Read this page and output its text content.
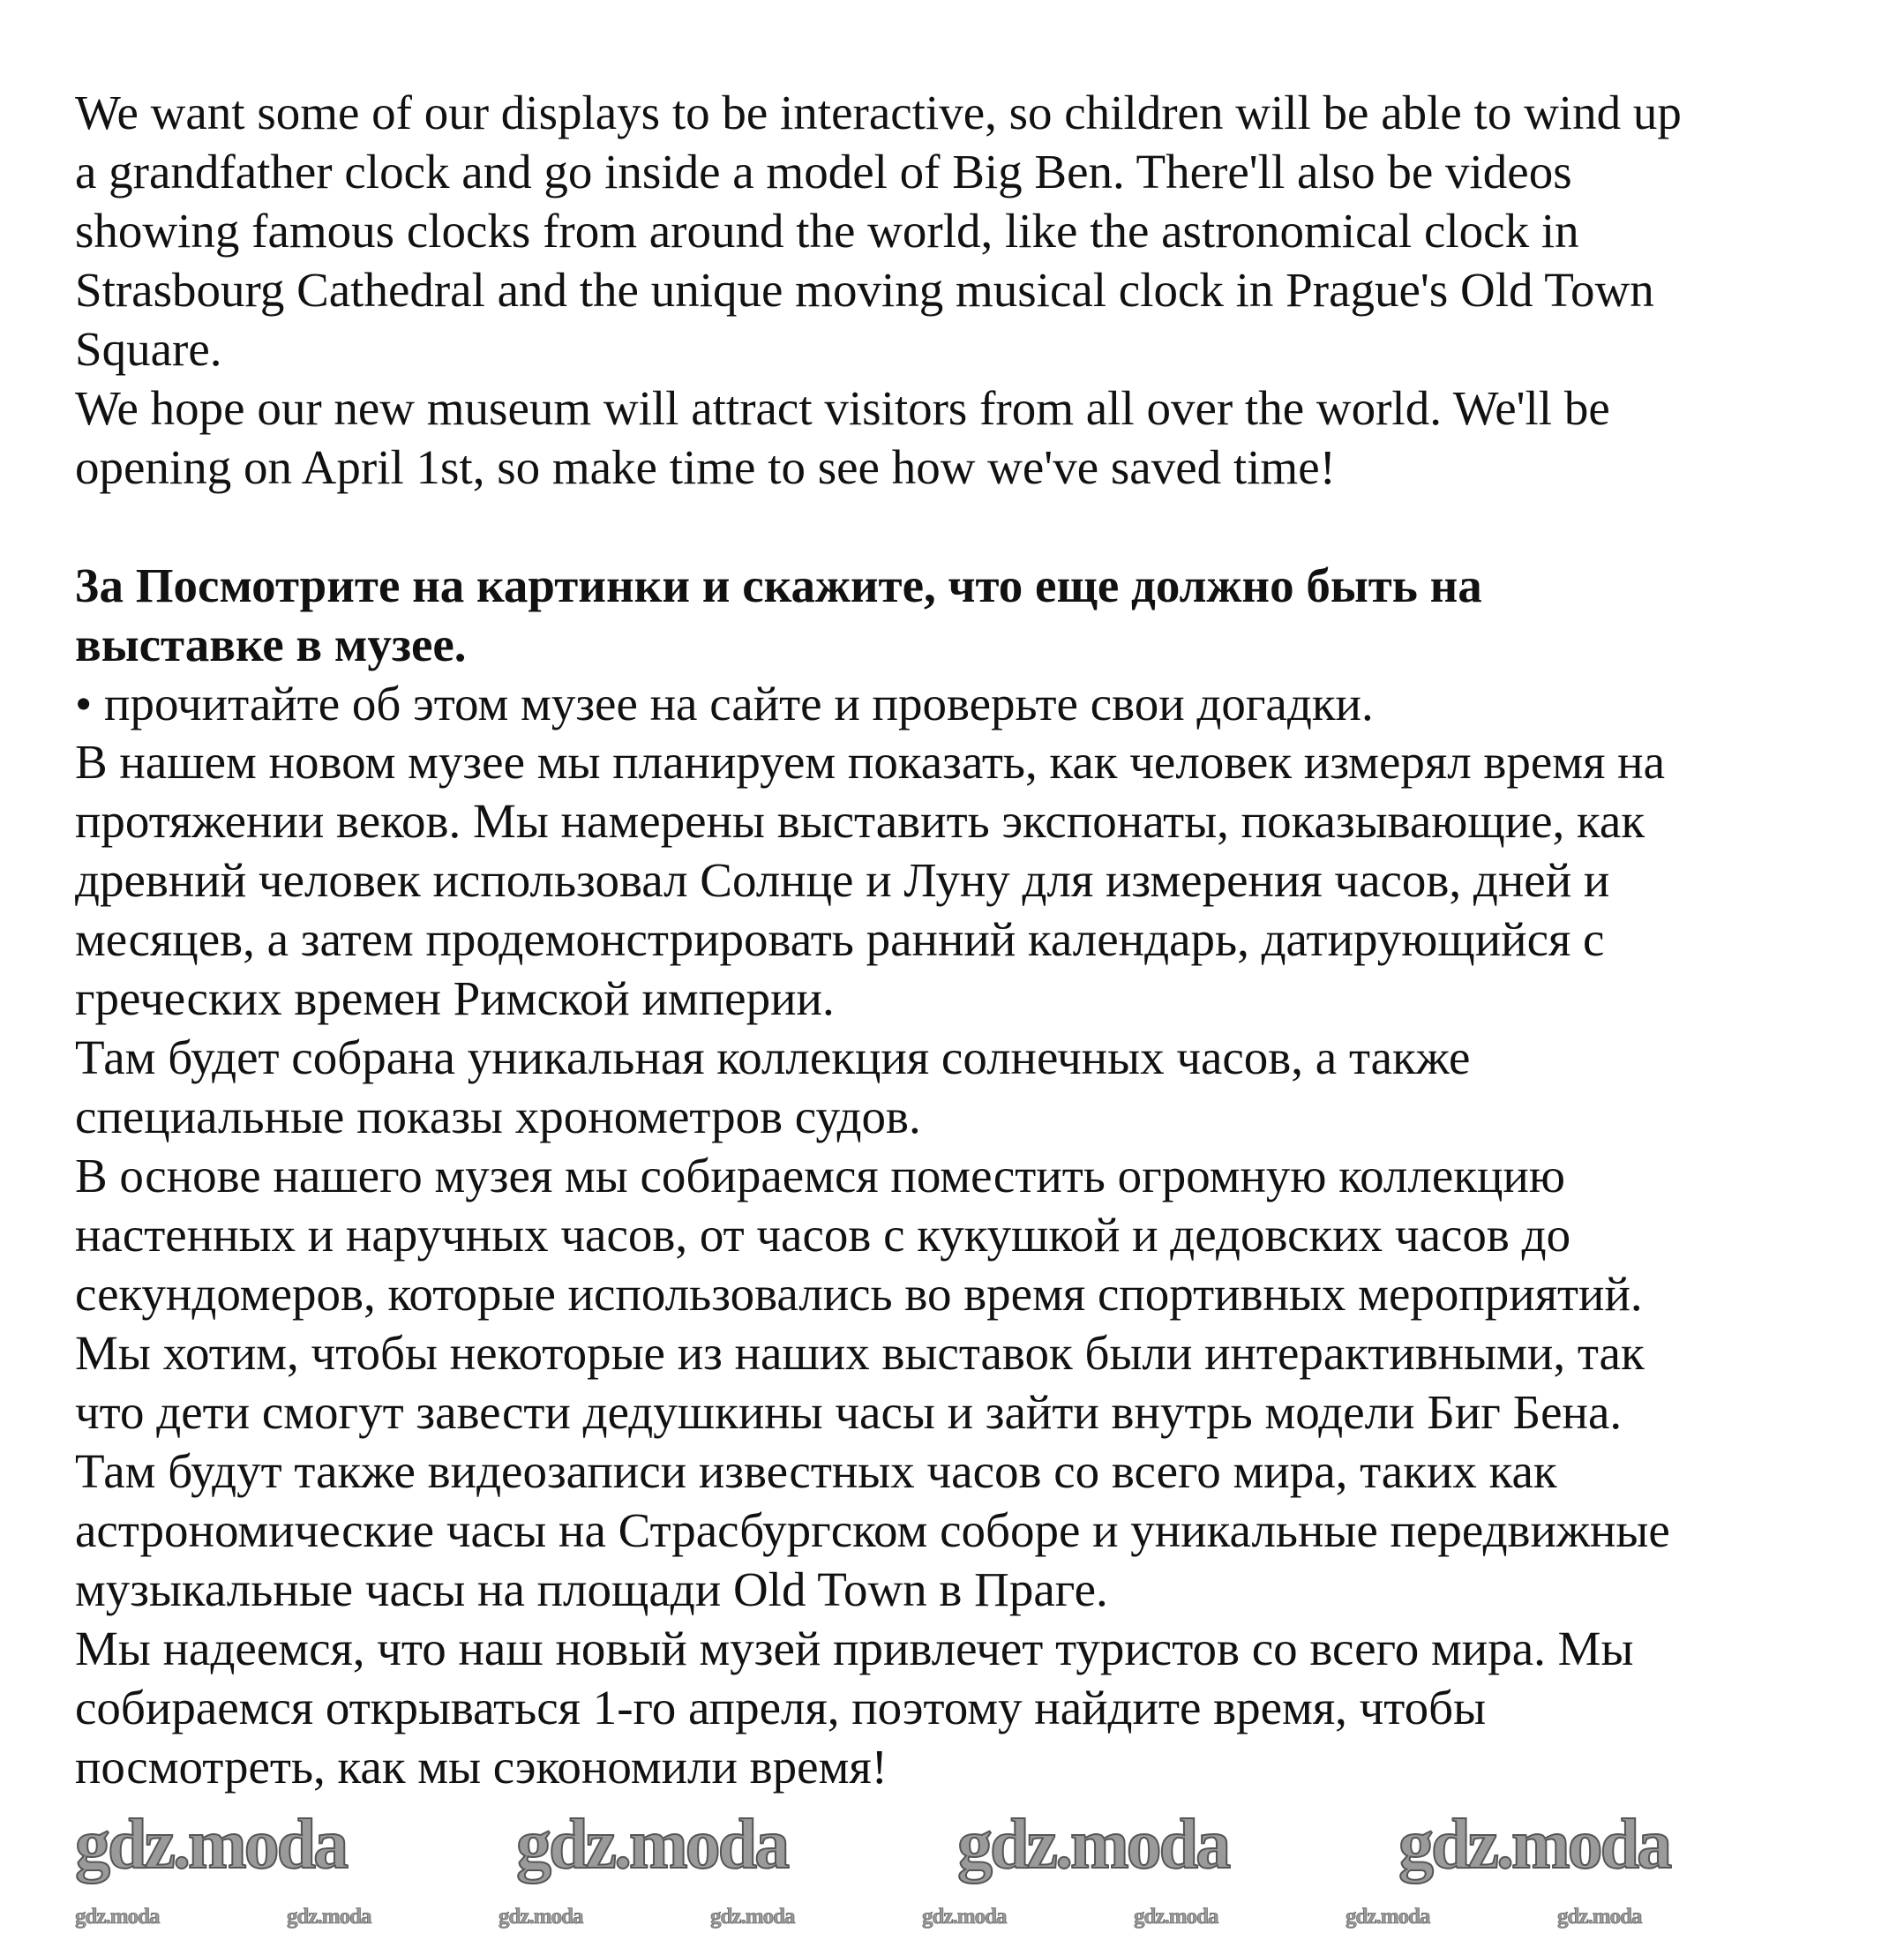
We want some of our displays to be interactive, so children will be able to wind up
a grandfather clock and go inside a model of Big Ben. There'll also be videos
showing famous clocks from around the world, like the astronomical clock in
Strasbourg Cathedral and the unique moving musical clock in Prague's Old Town
Square.
We hope our new museum will attract visitors from all over the world. We'll be
opening on April 1st, so make time to see how we've saved time!
3a Посмотрите на картинки и скажите, что еще должно быть на
выставке в музее.
• прочитайте об этом музее на сайте и проверьте свои догадки.
В нашем новом музее мы планируем показать, как человек измерял время на
протяжении веков. Мы намерены выставить экспонаты, показывающие, как
древний человек использовал Солнце и Луну для измерения часов, дней и
месяцев, а затем продемонстрировать ранний календарь, датирующийся с
греческих времен Римской империи.
Там будет собрана уникальная коллекция солнечных часов, а также
специальные показы хронометров судов.
В основе нашего музея мы собираемся поместить огромную коллекцию
настенных и наручных часов, от часов с кукушкой и дедовских часов до
секундомеров, которые использовались во время спортивных мероприятий.
Мы хотим, чтобы некоторые из наших выставок были интерактивными, так
что дети смогут завести дедушкины часы и зайти внутрь модели Биг Бена.
Там будут также видеозаписи известных часов со всего мира, таких как
астрономические часы на Страсбургском соборе и уникальные передвижные
музыкальные часы на площади Old Town в Праге.
Мы надеемся, что наш новый музей привлечет туристов со всего мира. Мы
собираемся открываться 1-го апреля, поэтому найдите время, чтобы
посмотреть, как мы сэкономили время!
gdz.moda gdz.moda gdz.moda gdz.moda
gdz.moda	gdz.moda	gdz.moda	gdz.moda	gdz.moda	gdz.moda	gdz.moda	gdz.moda
